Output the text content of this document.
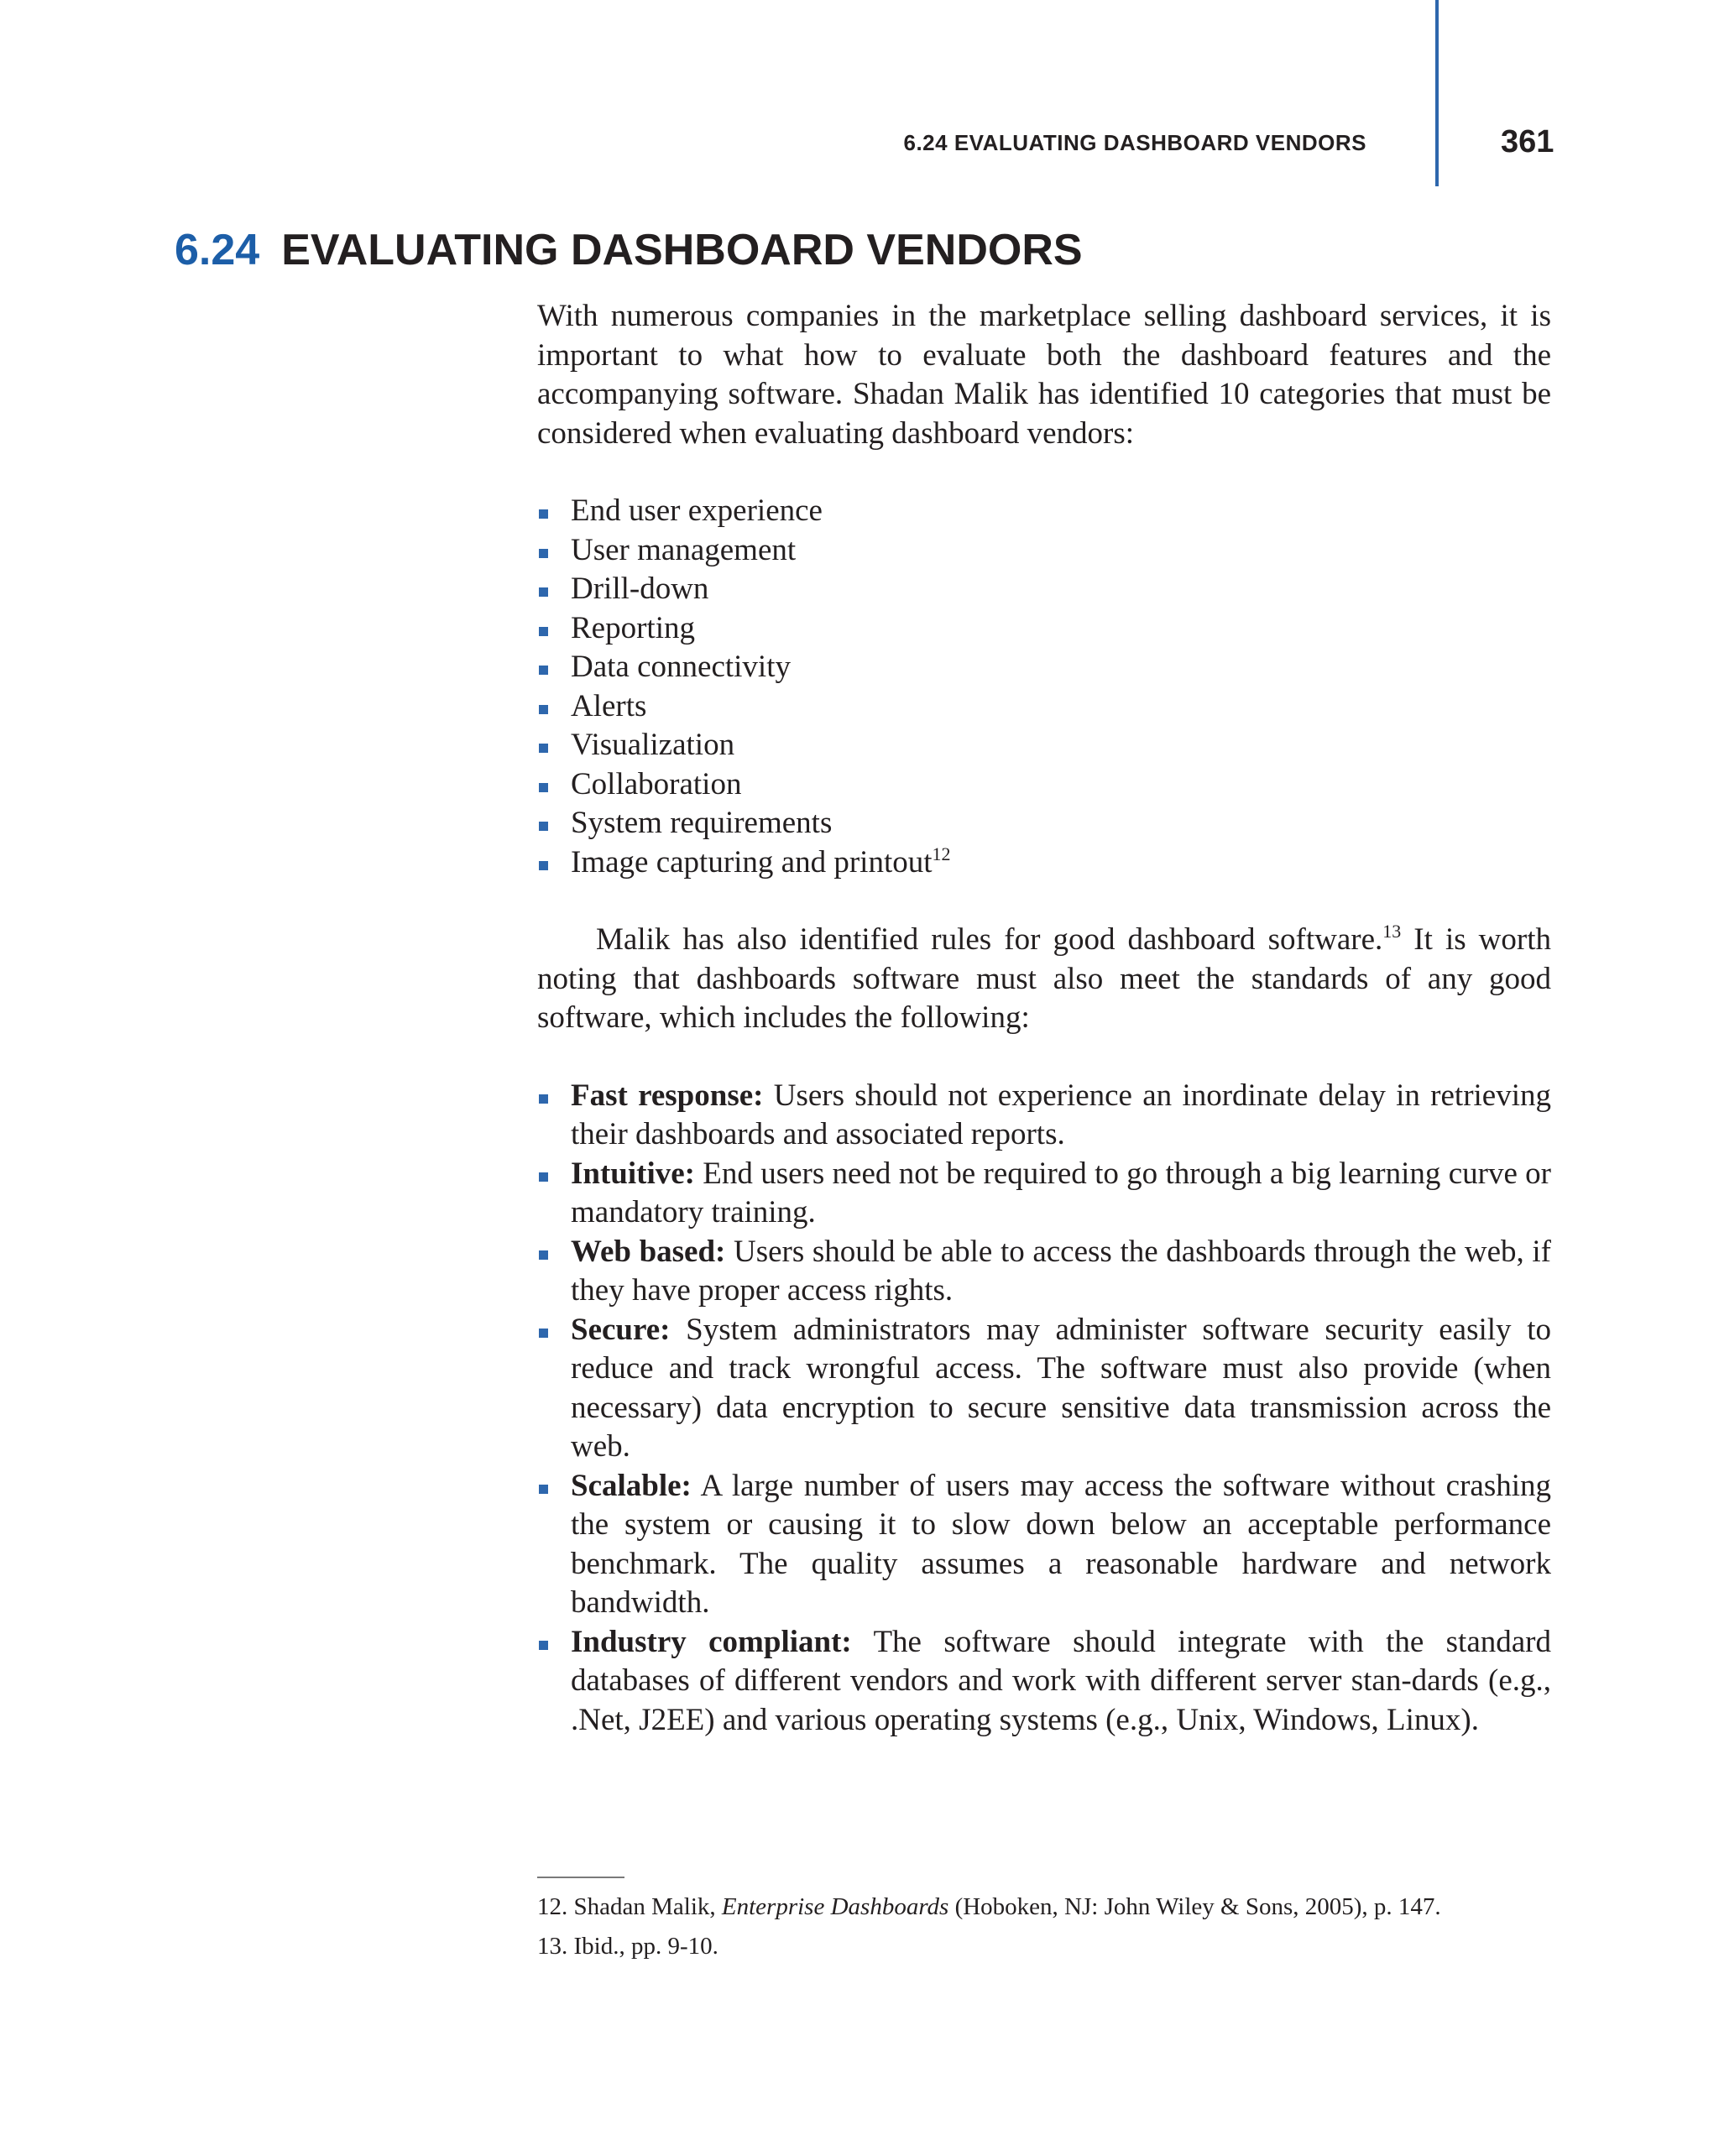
6.24 EVALUATING DASHBOARD VENDORS	361
6.24 EVALUATING DASHBOARD VENDORS

With numerous companies in the marketplace selling dashboard services, it is important to what how to evaluate both the dashboard features and the accompanying software. Shadan Malik has identified 10 categories that must be considered when evaluating dashboard vendors:

End user experience
User management
Drill-down
Reporting
Data connectivity
Alerts
Visualization
Collaboration
System requirements
Image capturing and printout$^{12}$

Malik has also identified rules for good dashboard software.$^{13}$ It is worth noting that dashboards software must also meet the standards of any good software, which includes the following:

Fast response: Users should not experience an inordinate delay in retrieving their dashboards and associated reports.
Intuitive: End users need not be required to go through a big learning curve or mandatory training.
Web based: Users should be able to access the dashboards through the web, if they have proper access rights.
Secure: System administrators may administer software security easily to reduce and track wrongful access. The software must also provide (when necessary) data encryption to secure sensitive data transmission across the web.
Scalable: A large number of users may access the software without crashing the system or causing it to slow down below an acceptable performance benchmark. The quality assumes a reasonable hardware and network bandwidth.
Industry compliant: The software should integrate with the standard databases of different vendors and work with different server stan-dards (e.g., .Net, J2EE) and various operating systems (e.g., Unix, Windows, Linux).

12. Shadan Malik, Enterprise Dashboards (Hoboken, NJ: John Wiley & Sons, 2005), p. 147.

13. Ibid., pp. 9-10.
